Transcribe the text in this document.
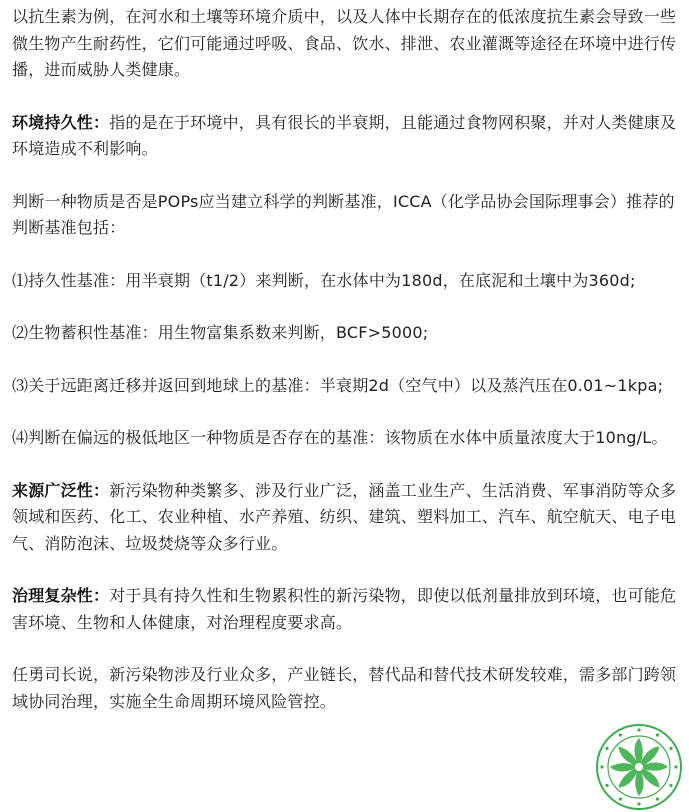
以抗生素为例，在河水和土壤等环境介质中，以及人体中长期存在的低浓度抗生素会导致一些微生物产生耐药性，它们可能通过呼吸、食品、饮水、排泄、农业灌溉等途径在环境中进行传播，进而威胁人类健康。

环境持久性：指的是在于环境中，具有很长的半衰期，且能通过食物网积聚，并对人类健康及环境造成不利影响。

判断一种物质是否是POPs应当建立科学的判断基准，ICCA（化学品协会国际理事会）推荐的判断基准包括：

⑴持久性基准：用半衰期（t1/2）来判断，在水体中为180d，在底泥和土壤中为360d;

⑵生物蓄积性基准：用生物富集系数来判断，BCF>5000;

⑶关于远距离迁移并返回到地球上的基准：半衰期2d（空气中）以及蒸汽压在0.01~1kpa;

⑷判断在偏远的极低地区一种物质是否存在的基准：该物质在水体中质量浓度大于10ng/L。

来源广泛性：新污染物种类繁多、涉及行业广泛，涵盖工业生产、生活消费、军事消防等众多领域和医药、化工、农业种植、水产养殖、纺织、建筑、塑料加工、汽车、航空航天、电子电气、消防泡沫、垃圾焚烧等众多行业。

治理复杂性：对于具有持久性和生物累积性的新污染物，即使以低剂量排放到环境，也可能危害环境、生物和人体健康，对治理程度要求高。

任勇司长说，新污染物涉及行业众多，产业链长，替代品和替代技术研发较难，需多部门跨领域协同治理，实施全生命周期环境风险管控。
